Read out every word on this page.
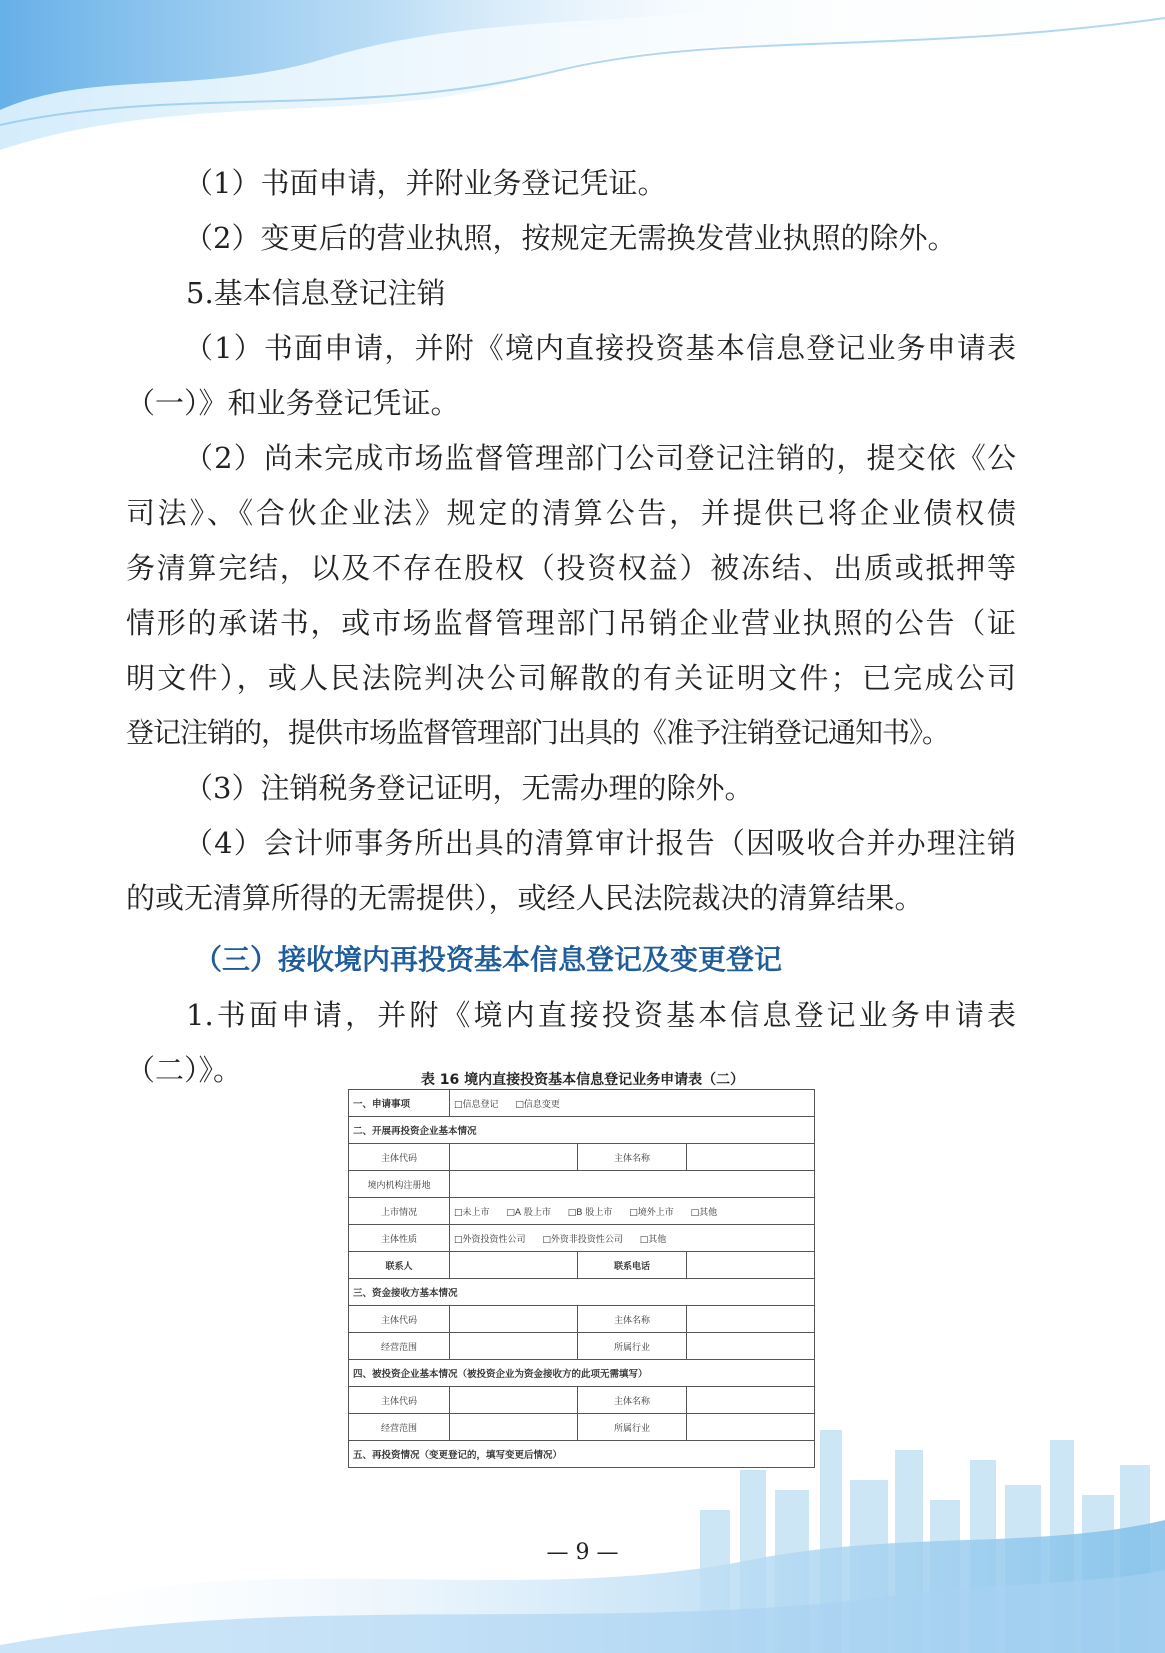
（1）书面申请，并附业务登记凭证。
（2）变更后的营业执照，按规定无需换发营业执照的除外。
5.基本信息登记注销
（1）书面申请，并附《境内直接投资基本信息登记业务申请表
（一）》和业务登记凭证。
（2）尚未完成市场监督管理部门公司登记注销的，提交依《公
司法》、《合伙企业法》规定的清算公告，并提供已将企业债权债
务清算完结，以及不存在股权（投资权益）被冻结、出质或抵押等
情形的承诺书，或市场监督管理部门吊销企业营业执照的公告（证
明文件），或人民法院判决公司解散的有关证明文件；已完成公司
登记注销的，提供市场监督管理部门出具的《准予注销登记通知书》。
（3）注销税务登记证明，无需办理的除外。
（4）会计师事务所出具的清算审计报告（因吸收合并办理注销
的或无清算所得的无需提供），或经人民法院裁决的清算结果。
（三）接收境内再投资基本信息登记及变更登记
1.书面申请，并附《境内直接投资基本信息登记业务申请表
（二）》。	表 16 境内直接投资基本信息登记业务申请表（二）
一、申请事项	□信息登记 □信息变更		
二、开展再投资企业基本情况			
主体代码		主体名称	
境内机构注册地			
上市情况	□未上市 □A 股上市 □B 股上市 □境外上市 □其他		
主体性质	□外资投资性公司 □外资非投资性公司 □其他		
联系人		联系电话	
三、资金接收方基本情况			
主体代码		主体名称	
经营范围		所属行业	
四、被投资企业基本情况（被投资企业为资金接收方的此项无需填写）			
主体代码		主体名称	
经营范围		所属行业	
五、再投资情况（变更登记的，填写变更后情况）			
— 9 —
